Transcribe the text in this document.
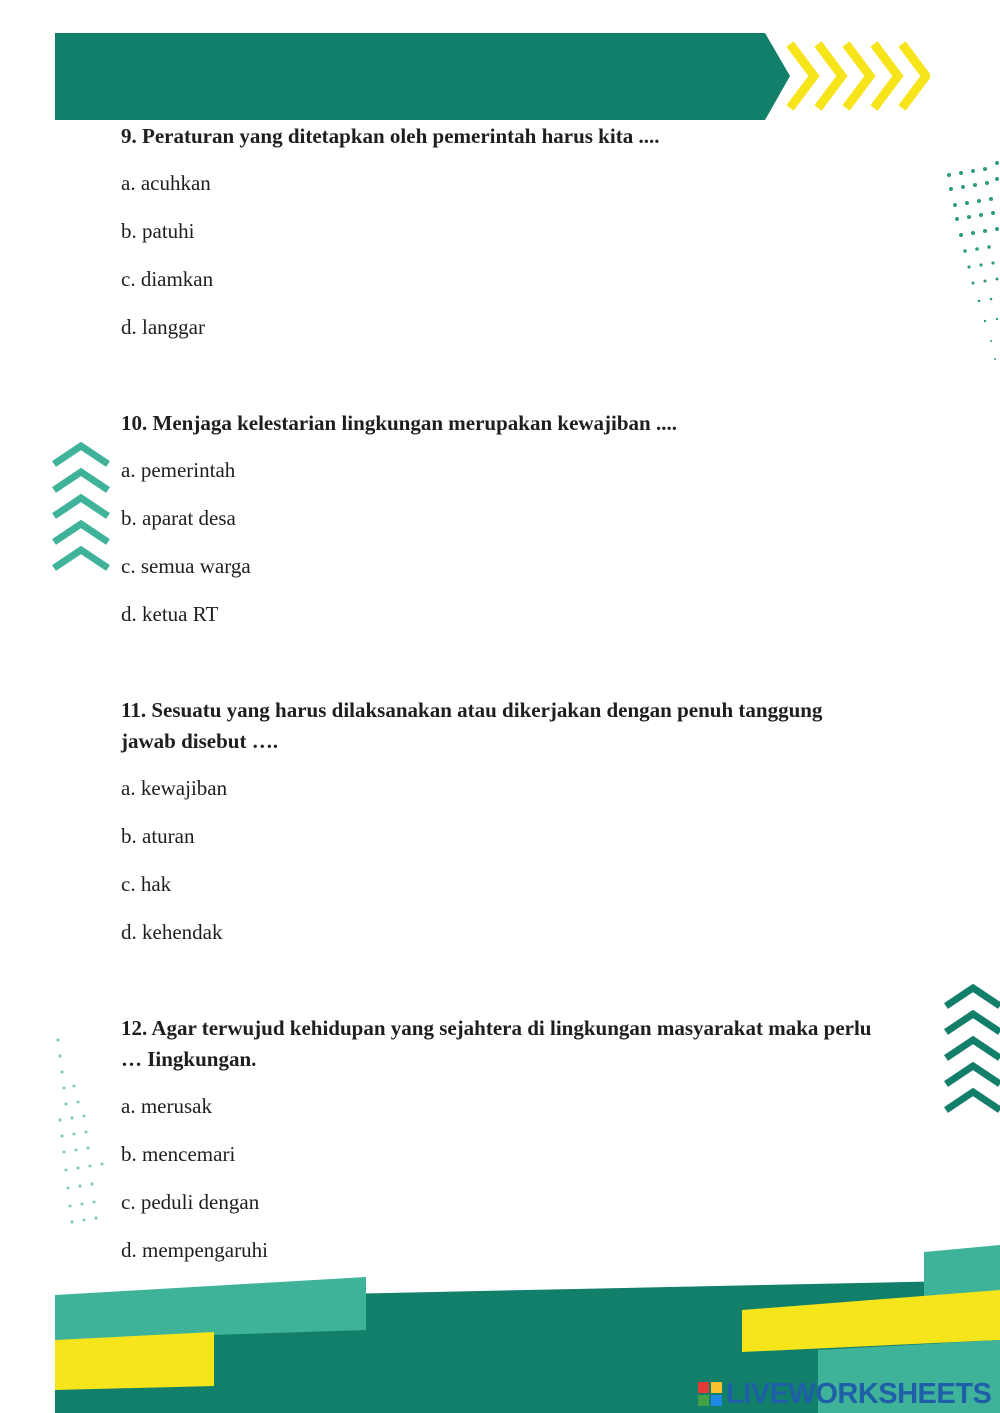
9. Peraturan yang ditetapkan oleh pemerintah harus kita ....

a. acuhkan
b. patuhi
c. diamkan
d. langgar

10. Menjaga kelestarian lingkungan merupakan kewajiban ....

a. pemerintah
b. aparat desa
c. semua warga
d. ketua RT

11. Sesuatu yang harus dilaksanakan atau dikerjakan dengan penuh tanggung jawab disebut ….

a. kewajiban
b. aturan
c. hak
d. kehendak

12. Agar terwujud kehidupan yang sejahtera di lingkungan masyarakat maka perlu … Iingkungan.

a. merusak
b. mencemari
c. peduli dengan
d. mempengaruhi
LIVEWORKSHEETS
